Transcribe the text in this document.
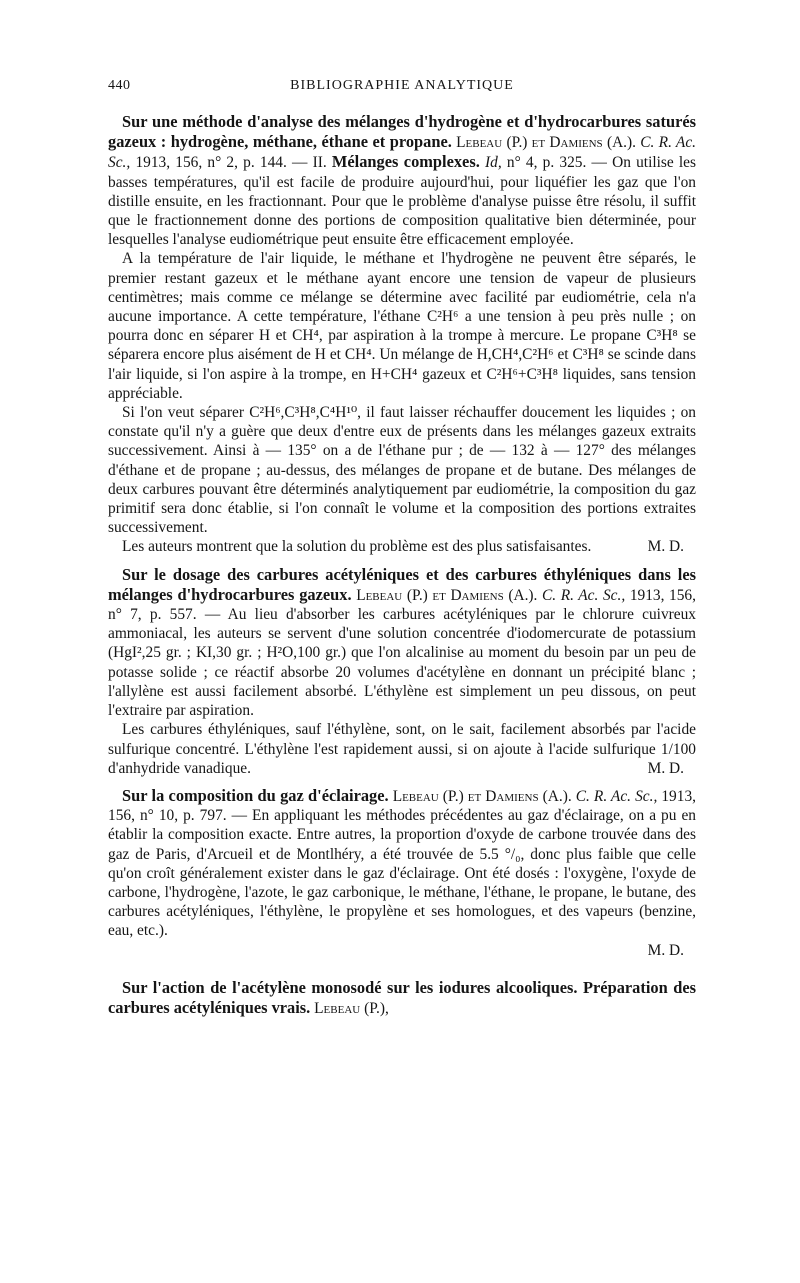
440	BIBLIOGRAPHIE ANALYTIQUE

Sur une méthode d'analyse des mélanges d'hydrogène et d'hydrocarbures saturés gazeux : hydrogène, méthane, éthane et propane. Lebeau (P.) et Damiens (A.). C. R. Ac. Sc., 1913, 156, n° 2, p. 144. — II. Mélanges complexes. Id, n° 4, p. 325. — On utilise les basses températures, qu'il est facile de produire aujourd'hui, pour liquéfier les gaz que l'on distille ensuite, en les fractionnant. Pour que le problème d'analyse puisse être résolu, il suffit que le fractionnement donne des portions de composition qualitative bien déterminée, pour lesquelles l'analyse eudiométrique peut ensuite être efficacement employée.

A la température de l'air liquide, le méthane et l'hydrogène ne peuvent être séparés, le premier restant gazeux et le méthane ayant encore une tension de vapeur de plusieurs centimètres; mais comme ce mélange se détermine avec facilité par eudiométrie, cela n'a aucune importance. A cette température, l'éthane C²H⁶ a une tension à peu près nulle ; on pourra donc en séparer H et CH⁴, par aspiration à la trompe à mercure. Le propane C³H⁸ se séparera encore plus aisément de H et CH⁴. Un mélange de H,CH⁴,C²H⁶ et C³H⁸ se scinde dans l'air liquide, si l'on aspire à la trompe, en H+CH⁴ gazeux et C²H⁶+C³H⁸ liquides, sans tension appréciable.

Si l'on veut séparer C²H⁶,C³H⁸,C⁴H¹⁰, il faut laisser réchauffer doucement les liquides ; on constate qu'il n'y a guère que deux d'entre eux de présents dans les mélanges gazeux extraits successivement. Ainsi à — 135° on a de l'éthane pur ; de — 132 à — 127° des mélanges d'éthane et de propane ; au-dessus, des mélanges de propane et de butane. Des mélanges de deux carbures pouvant être déterminés analytiquement par eudiométrie, la composition du gaz primitif sera donc établie, si l'on connaît le volume et la composition des portions extraites successivement.

Les auteurs montrent que la solution du problème est des plus satisfaisantes.	M. D.

Sur le dosage des carbures acétyléniques et des carbures éthyléniques dans les mélanges d'hydrocarbures gazeux. Lebeau (P.) et Damiens (A.). C. R. Ac. Sc., 1913, 156, n° 7, p. 557. — Au lieu d'absorber les carbures acétyléniques par le chlorure cuivreux ammoniacal, les auteurs se servent d'une solution concentrée d'iodomercurate de potassium (HgI²,25 gr. ; KI,30 gr. ; H²O,100 gr.) que l'on alcalinise au moment du besoin par un peu de potasse solide ; ce réactif absorbe 20 volumes d'acétylène en donnant un précipité blanc ; l'allylène est aussi facilement absorbé. L'éthylène est simplement un peu dissous, on peut l'extraire par aspiration.

Les carbures éthyléniques, sauf l'éthylène, sont, on le sait, facilement absorbés par l'acide sulfurique concentré. L'éthylène l'est rapidement aussi, si on ajoute à l'acide sulfurique 1/100 d'anhydride vanadique.	M. D.

Sur la composition du gaz d'éclairage. Lebeau (P.) et Damiens (A.). C. R. Ac. Sc., 1913, 156, n° 10, p. 797. — En appliquant les méthodes précédentes au gaz d'éclairage, on a pu en établir la composition exacte. Entre autres, la proportion d'oxyde de carbone trouvée dans des gaz de Paris, d'Arcueil et de Montlhéry, a été trouvée de 5.5 °/₀, donc plus faible que celle qu'on croît généralement exister dans le gaz d'éclairage. Ont été dosés : l'oxygène, l'oxyde de carbone, l'hydrogène, l'azote, le gaz carbonique, le méthane, l'éthane, le propane, le butane, des carbures acétyléniques, l'éthylène, le propylène et ses homologues, et des vapeurs (benzine, eau, etc.).

M. D.

Sur l'action de l'acétylène monosodé sur les iodures alcooliques. Préparation des carbures acétyléniques vrais. Lebeau (P.),
